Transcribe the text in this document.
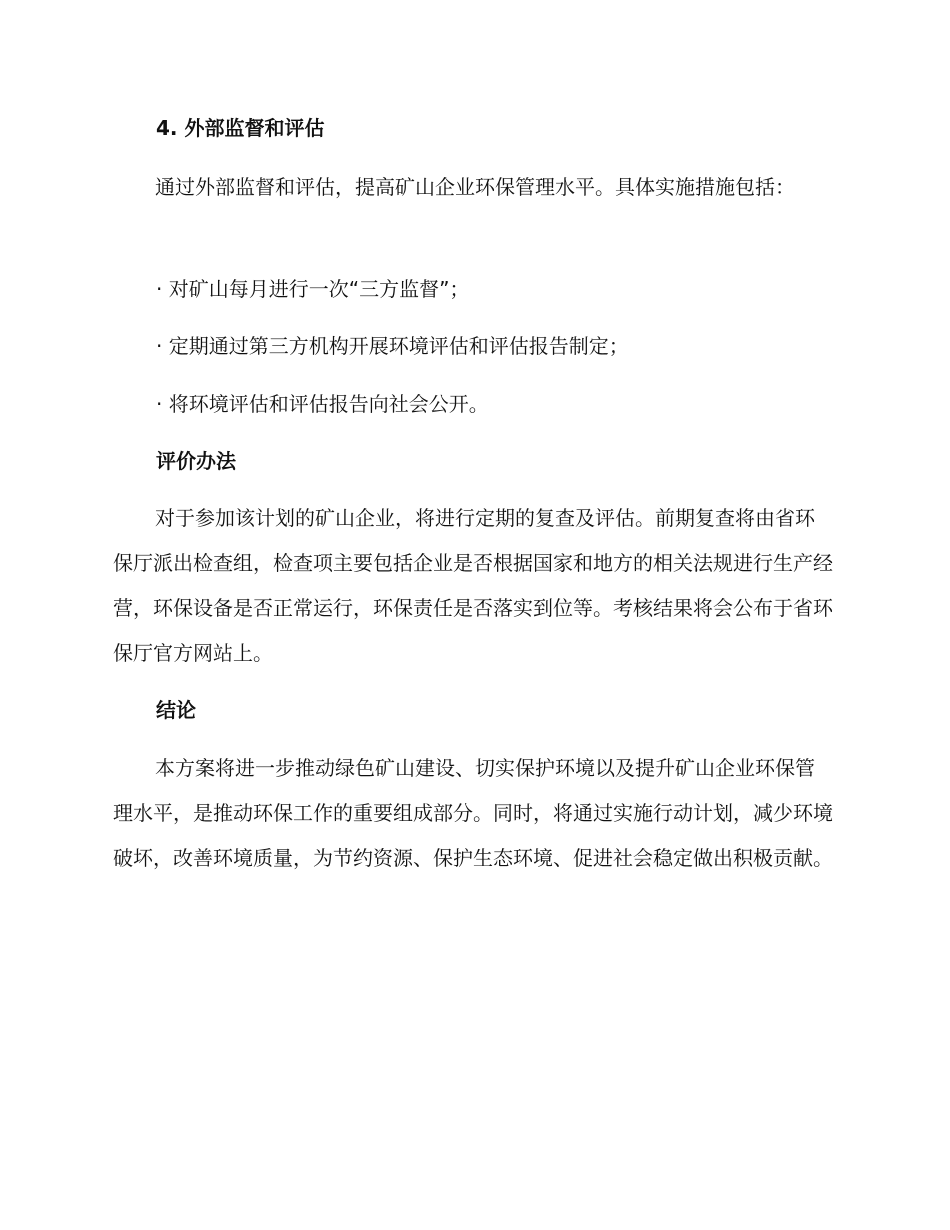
4. 外部监督和评估
通过外部监督和评估，提高矿山企业环保管理水平。具体实施措施包括：
· 对矿山每月进行一次“三方监督”；
· 定期通过第三方机构开展环境评估和评估报告制定；
· 将环境评估和评估报告向社会公开。
评价办法
对于参加该计划的矿山企业，将进行定期的复查及评估。前期复查将由省环保厅派出检查组，检查项主要包括企业是否根据国家和地方的相关法规进行生产经营，环保设备是否正常运行，环保责任是否落实到位等。考核结果将会公布于省环保厅官方网站上。
结论
本方案将进一步推动绿色矿山建设、切实保护环境以及提升矿山企业环保管理水平，是推动环保工作的重要组成部分。同时，将通过实施行动计划，减少环境破坏，改善环境质量，为节约资源、保护生态环境、促进社会稳定做出积极贡献。
